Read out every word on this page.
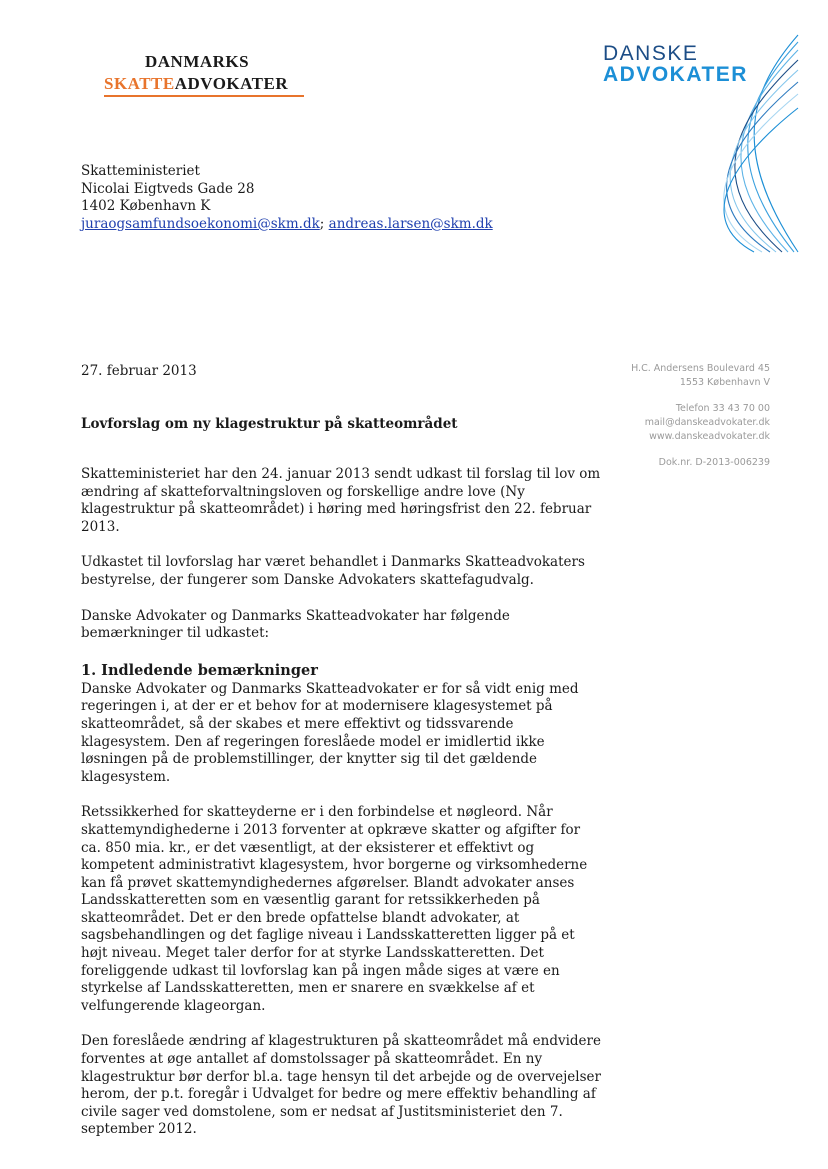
DANMARKS
SKATTEADVOKATER
DANSKE
ADVOKATER
Skatteministeriet
Nicolai Eigtveds Gade 28
1402 København K
juraogsamfundsoekonomi@skm.dk; andreas.larsen@skm.dk
27. februar 2013	H.C. Andersens Boulevard 45
1553 København V
Telefon 33 43 70 00
mail@danskeadvokater.dk
www.danskeadvokater.dk
Dok.nr. D-2013-006239
Lovforslag om ny klagestruktur på skatteområdet

Skatteministeriet har den 24. januar 2013 sendt udkast til forslag til lov om ændring af skatteforvaltningsloven og forskellige andre love (Ny klagestruktur på skatteområdet) i høring med høringsfrist den 22. februar 2013.

Udkastet til lovforslag har været behandlet i Danmarks Skatteadvokaters bestyrelse, der fungerer som Danske Advokaters skattefagudvalg.

Danske Advokater og Danmarks Skatteadvokater har følgende bemærkninger til udkastet:

1. Indledende bemærkninger

Danske Advokater og Danmarks Skatteadvokater er for så vidt enig med regeringen i, at der er et behov for at modernisere klagesystemet på skatteområdet, så der skabes et mere effektivt og tidssvarende klagesystem. Den af regeringen foreslåede model er imidlertid ikke løsningen på de problemstillinger, der knytter sig til det gældende klagesystem.

Retssikkerhed for skatteyderne er i den forbindelse et nøgleord. Når skattemyndighederne i 2013 forventer at opkræve skatter og afgifter for ca. 850 mia. kr., er det væsentligt, at der eksisterer et effektivt og kompetent administrativt klagesystem, hvor borgerne og virksomhederne kan få prøvet skattemyndighedernes afgørelser. Blandt advokater anses Landsskatteretten som en væsentlig garant for retssikkerheden på skatteområdet. Det er den brede opfattelse blandt advokater, at sagsbehandlingen og det faglige niveau i Landsskatteretten ligger på et højt niveau. Meget taler derfor for at styrke Landsskatteretten. Det foreliggende udkast til lovforslag kan på ingen måde siges at være en styrkelse af Landsskatteretten, men er snarere en svækkelse af et velfungerende klageorgan.

Den foreslåede ændring af klagestrukturen på skatteområdet må endvidere forventes at øge antallet af domstolssager på skatteområdet. En ny klagestruktur bør derfor bl.a. tage hensyn til det arbejde og de overvejelser herom, der p.t. foregår i Udvalget for bedre og mere effektiv behandling af civile sager ved domstolene, som er nedsat af Justitsministeriet den 7. september 2012.
